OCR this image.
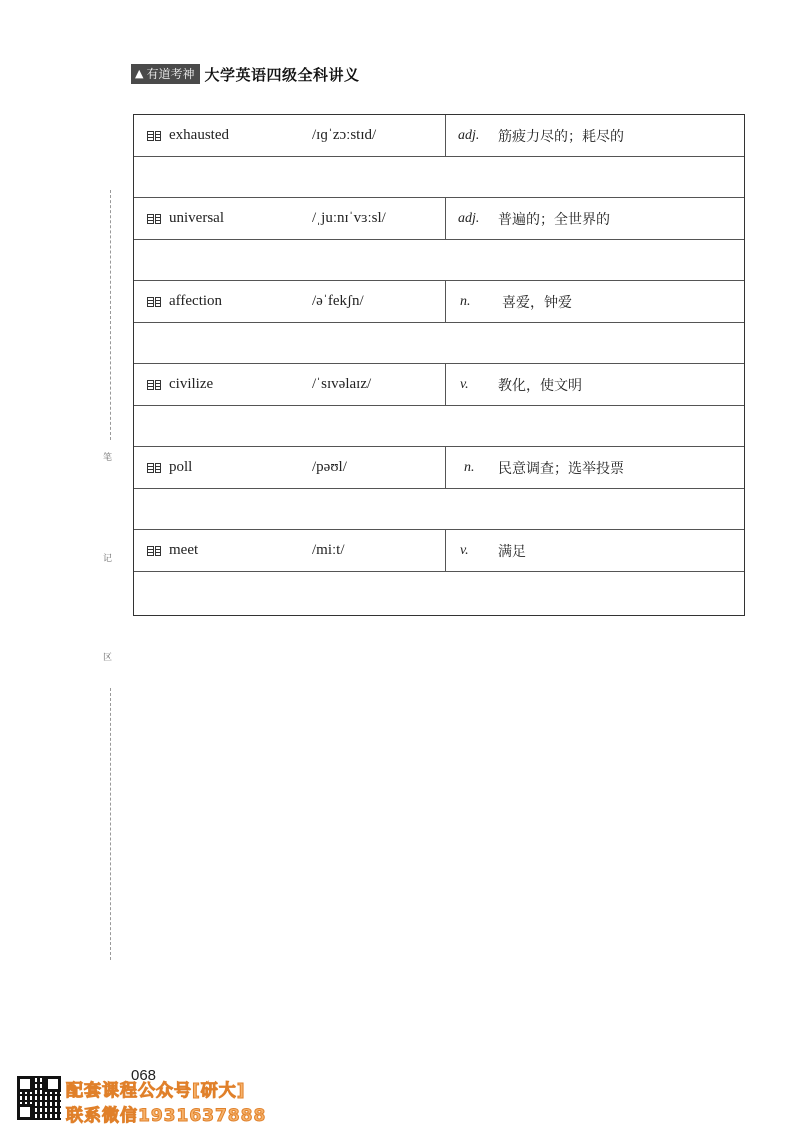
▲ 有道考神 大学英语四级全科讲义
笔
记
区
exhausted	/ɪɡˈzɔːstɪd/	adj. 筋疲力尽的；耗尽的
universal	/ˌjuːnɪˈvɜːsl/	adj. 普遍的；全世界的
affection	/əˈfekʃn/	n. 喜爱，钟爱
civilize	/ˈsɪvəlaɪz/	v. 教化，使文明
poll	/pəʊl/	n. 民意调查；选举投票
meet	/miːt/	v. 满足
068
配套课程公众号[研大]
联系微信1931637888
